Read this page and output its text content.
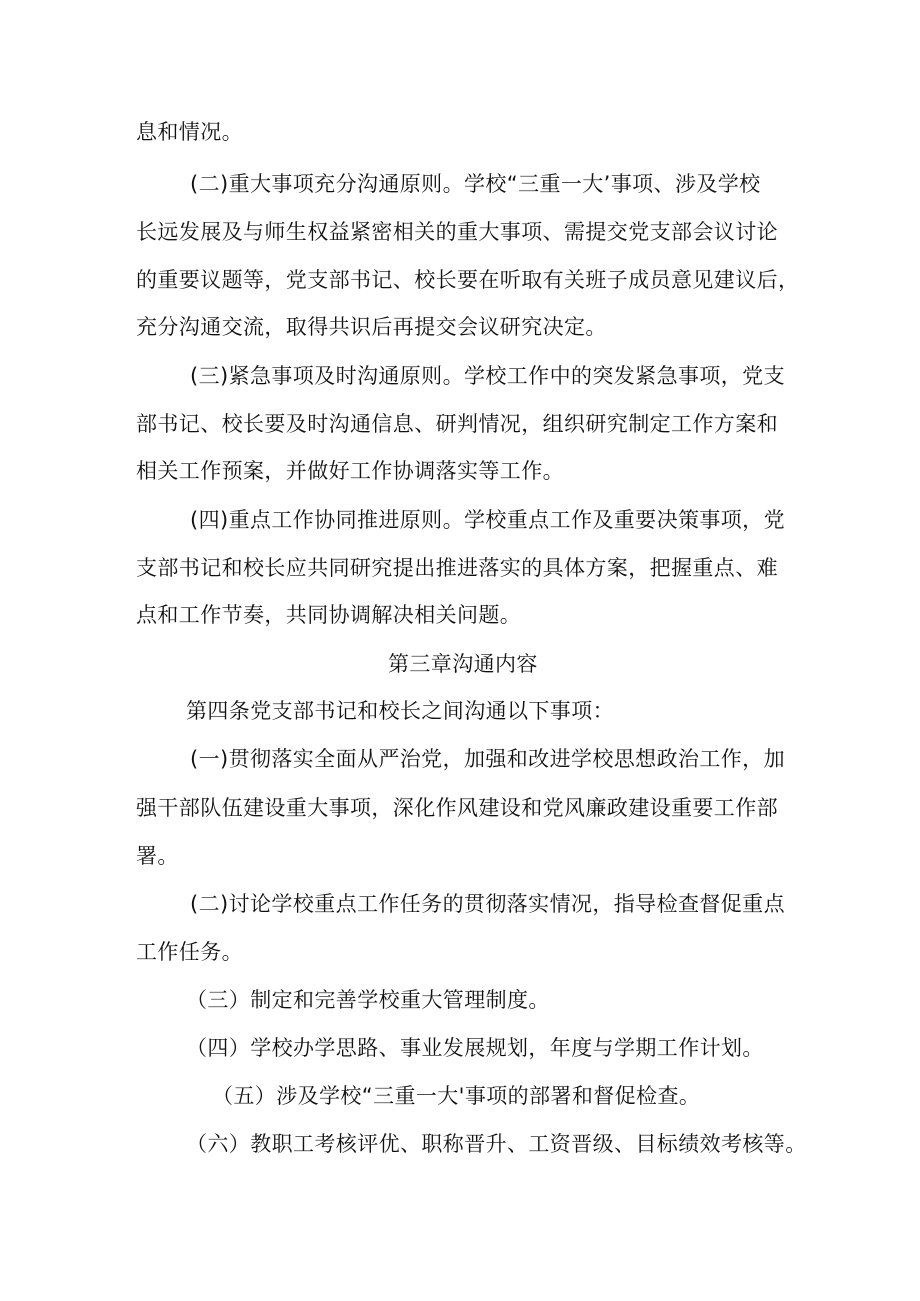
息和情况。
(二)重大事项充分沟通原则。学校“三重一大’事项、涉及学校
长远发展及与师生权益紧密相关的重大事项、需提交党支部会议讨论
的重要议题等，党支部书记、校长要在听取有关班子成员意见建议后，
充分沟通交流，取得共识后再提交会议研究决定。
(三)紧急事项及时沟通原则。学校工作中的突发紧急事项，党支
部书记、校长要及时沟通信息、研判情况，组织研究制定工作方案和
相关工作预案，并做好工作协调落实等工作。
(四)重点工作协同推进原则。学校重点工作及重要决策事项，党
支部书记和校长应共同研究提出推进落实的具体方案，把握重点、难
点和工作节奏，共同协调解决相关问题。
第三章沟通内容
第四条党支部书记和校长之间沟通以下事项：
(一)贯彻落实全面从严治党，加强和改进学校思想政治工作，加
强干部队伍建设重大事项，深化作风建设和党风廉政建设重要工作部
署。
(二)讨论学校重点工作任务的贯彻落实情况，指导检查督促重点
工作任务。
（三）制定和完善学校重大管理制度。
（四）学校办学思路、事业发展规划，年度与学期工作计划。
（五）涉及学校“三重一大'事项的部署和督促检查。
（六）教职工考核评优、职称晋升、工资晋级、目标绩效考核等。
